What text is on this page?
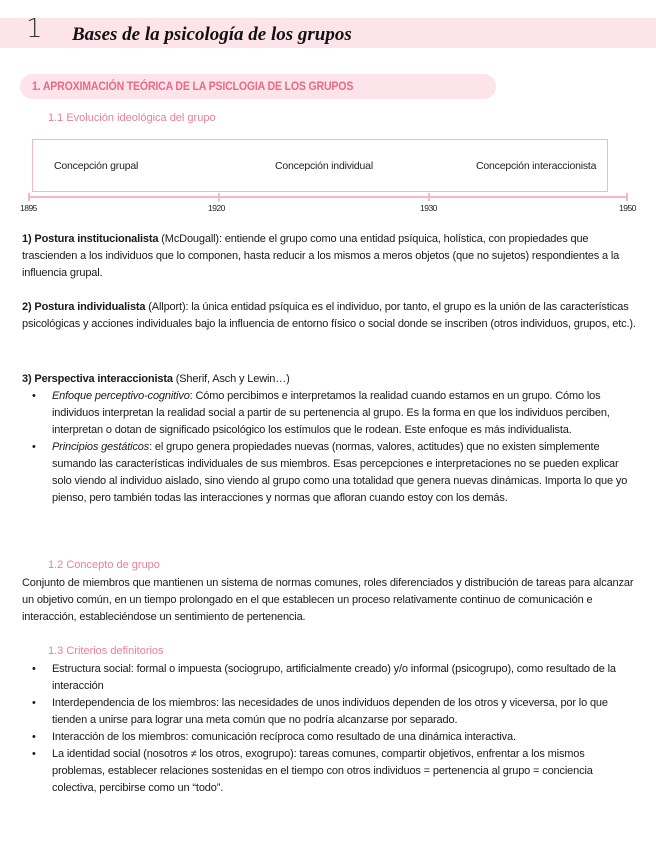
1 Bases de la psicología de los grupos
1. APROXIMACIÓN TEÓRICA DE LA PSICLOGIA DE LOS GRUPOS
1.1 Evolución ideológica del grupo
Concepción grupal	Concepción individual	Concepción interaccionista
1895	1920	1930	1950
1) Postura institucionalista (McDougall): entiende el grupo como una entidad psíquica, holística, con propiedades que trascienden a los individuos que lo componen, hasta reducir a los mismos a meros objetos (que no sujetos) respondientes a la influencia grupal.
2) Postura individualista (Allport): la única entidad psíquica es el individuo, por tanto, el grupo es la unión de las características psicológicas y acciones individuales bajo la influencia de entorno físico o social donde se inscriben (otros individuos, grupos, etc.).
3) Perspectiva interaccionista (Sherif, Asch y Lewin…)
• Enfoque perceptivo-cognitivo: Cómo percibimos e interpretamos la realidad cuando estamos en un grupo. Cómo los individuos interpretan la realidad social a partir de su pertenencia al grupo. Es la forma en que los individuos perciben, interpretan o dotan de significado psicológico los estímulos que le rodean. Este enfoque es más individualista.
• Principios gestáticos: el grupo genera propiedades nuevas (normas, valores, actitudes) que no existen simplemente sumando las características individuales de sus miembros. Esas percepciones e interpretaciones no se pueden explicar solo viendo al individuo aislado, sino viendo al grupo como una totalidad que genera nuevas dinámicas. Importa lo que yo pienso, pero también todas las interacciones y normas que afloran cuando estoy con los demás.
1.2 Concepto de grupo
Conjunto de miembros que mantienen un sistema de normas comunes, roles diferenciados y distribución de tareas para alcanzar un objetivo común, en un tiempo prolongado en el que establecen un proceso relativamente continuo de comunicación e interacción, estableciéndose un sentimiento de pertenencia.
1.3 Criterios definitorios
• Estructura social: formal o impuesta (sociogrupo, artificialmente creado) y/o informal (psicogrupo), como resultado de la interacción
• Interdependencia de los miembros: las necesidades de unos individuos dependen de los otros y viceversa, por lo que tienden a unirse para lograr una meta común que no podría alcanzarse por separado.
• Interacción de los miembros: comunicación recíproca como resultado de una dinámica interactiva.
• La identidad social (nosotros ≠ los otros, exogrupo): tareas comunes, compartir objetivos, enfrentar a los mismos problemas, establecer relaciones sostenidas en el tiempo con otros individuos = pertenencia al grupo = conciencia colectiva, percibirse como un “todo”.
